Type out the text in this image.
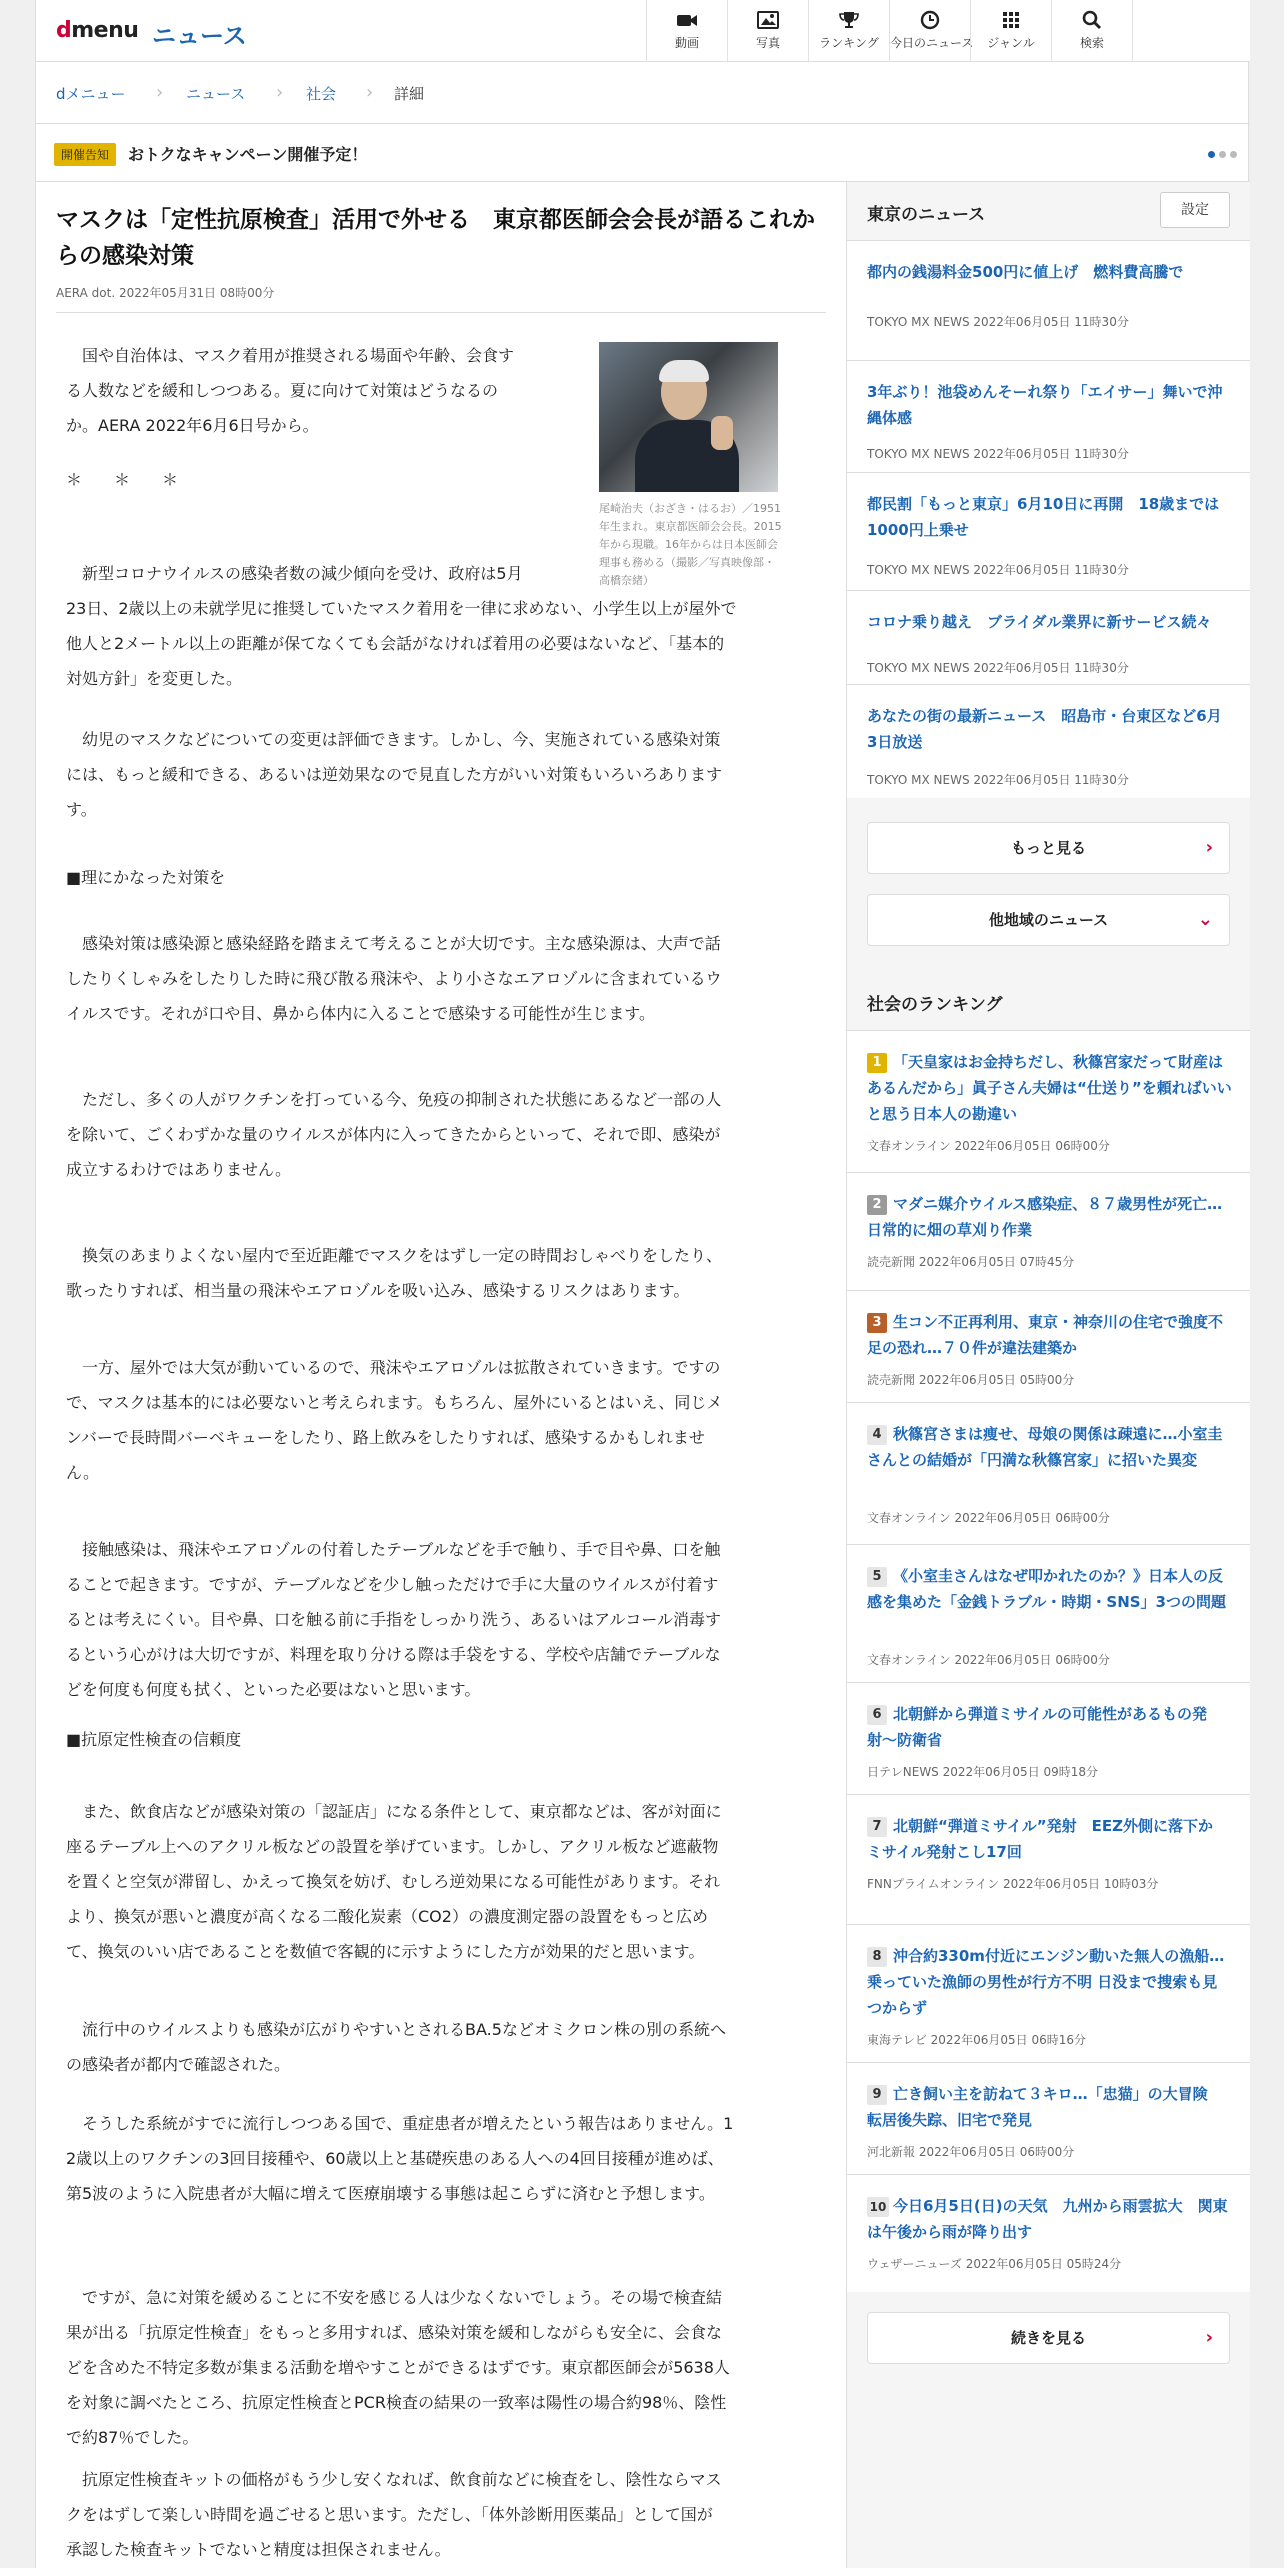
dmenu ニュース	動画	写真	ランキング 今日のニュース	ジャンル	検索
dメニュー › ニュース › 社会 › 詳細
開催告知	おトクなキャンペーン開催予定！
マスクは「定性抗原検査」活用で外せる　東京都医師会会長が語るこれからの感染対策
AERA dot. 2022年05月31日 08時00分
尾崎治夫（おざき・はるお）／1951年生まれ。東京都医師会会長。2015年から現職。16年からは日本医師会理事も務める（撮影／写真映像部・高橋奈緒）
　国や自治体は、マスク着用が推奨される場面や年齢、会食す
る人数などを緩和しつつある。夏に向けて対策はどうなるの
か。AERA 2022年6月6日号から。
＊　　＊　　＊
　新型コロナウイルスの感染者数の減少傾向を受け、政府は5月
23日、2歳以上の未就学児に推奨していたマスク着用を一律に求めない、小学生以上が屋外で
他人と2メートル以上の距離が保てなくても会話がなければ着用の必要はないなど、「基本的
対処方針」を変更した。
　幼児のマスクなどについての変更は評価できます。しかし、今、実施されている感染対策
には、もっと緩和できる、あるいは逆効果なので見直した方がいい対策もいろいろあります
す。
■理にかなった対策を
　感染対策は感染源と感染経路を踏まえて考えることが大切です。主な感染源は、大声で話
したりくしゃみをしたりした時に飛び散る飛沫や、より小さなエアロゾルに含まれているウ
イルスです。それが口や目、鼻から体内に入ることで感染する可能性が生じます。
　ただし、多くの人がワクチンを打っている今、免疫の抑制された状態にあるなど一部の人
を除いて、ごくわずかな量のウイルスが体内に入ってきたからといって、それで即、感染が
成立するわけではありません。
　換気のあまりよくない屋内で至近距離でマスクをはずし一定の時間おしゃべりをしたり、
歌ったりすれば、相当量の飛沫やエアロゾルを吸い込み、感染するリスクはあります。
　一方、屋外では大気が動いているので、飛沫やエアロゾルは拡散されていきます。ですの
で、マスクは基本的には必要ないと考えられます。もちろん、屋外にいるとはいえ、同じメ
ンバーで長時間バーベキューをしたり、路上飲みをしたりすれば、感染するかもしれませ
ん。
　接触感染は、飛沫やエアロゾルの付着したテーブルなどを手で触り、手で目や鼻、口を触
ることで起きます。ですが、テーブルなどを少し触っただけで手に大量のウイルスが付着す
るとは考えにくい。目や鼻、口を触る前に手指をしっかり洗う、あるいはアルコール消毒す
るという心がけは大切ですが、料理を取り分ける際は手袋をする、学校や店舗でテーブルな
どを何度も何度も拭く、といった必要はないと思います。
■抗原定性検査の信頼度
　また、飲食店などが感染対策の「認証店」になる条件として、東京都などは、客が対面に
座るテーブル上へのアクリル板などの設置を挙げています。しかし、アクリル板など遮蔽物
を置くと空気が滞留し、かえって換気を妨げ、むしろ逆効果になる可能性があります。それ
より、換気が悪いと濃度が高くなる二酸化炭素（CO2）の濃度測定器の設置をもっと広め
て、換気のいい店であることを数値で客観的に示すようにした方が効果的だと思います。
　流行中のウイルスよりも感染が広がりやすいとされるBA.5などオミクロン株の別の系統へ
の感染者が都内で確認された。
　そうした系統がすでに流行しつつある国で、重症患者が増えたという報告はありません。1
2歳以上のワクチンの3回目接種や、60歳以上と基礎疾患のある人への4回目接種が進めば、
第5波のように入院患者が大幅に増えて医療崩壊する事態は起こらずに済むと予想します。
　ですが、急に対策を緩めることに不安を感じる人は少なくないでしょう。その場で検査結
果が出る「抗原定性検査」をもっと多用すれば、感染対策を緩和しながらも安全に、会食な
どを含めた不特定多数が集まる活動を増やすことができるはずです。東京都医師会が5638人
を対象に調べたところ、抗原定性検査とPCR検査の結果の一致率は陽性の場合約98％、陰性
で約87％でした。
　抗原定性検査キットの価格がもう少し安くなれば、飲食前などに検査をし、陰性ならマス
クをはずして楽しい時間を過ごせると思います。ただし、「体外診断用医薬品」として国が
承認した検査キットでないと精度は担保されません。
東京のニュース	設定
都内の銭湯料金500円に値上げ　燃料費高騰で
TOKYO MX NEWS 2022年06月05日 11時30分
3年ぶり！池袋めんそーれ祭り「エイサー」舞いで沖縄体感
TOKYO MX NEWS 2022年06月05日 11時30分
都民割「もっと東京」6月10日に再開　18歳までは1000円上乗せ
TOKYO MX NEWS 2022年06月05日 11時30分
コロナ乗り越え　ブライダル業界に新サービス続々
TOKYO MX NEWS 2022年06月05日 11時30分
あなたの街の最新ニュース　昭島市・台東区など6月3日放送
TOKYO MX NEWS 2022年06月05日 11時30分
もっと見る	›
他地域のニュース	⌄
社会のランキング
「天皇家はお金持ちだし、秋篠宮家だって財産はあるんだから」眞子さん夫婦は“仕送り”を頼ればいいと思う日本人の勘違い
1
文春オンライン 2022年06月05日 06時00分
マダニ媒介ウイルス感染症、８７歳男性が死亡…日常的に畑の草刈り作業
2
読売新聞 2022年06月05日 07時45分
生コン不正再利用、東京・神奈川の住宅で強度不足の恐れ…７０件が違法建築か
3
読売新聞 2022年06月05日 05時00分
秋篠宮さまは痩せ、母娘の関係は疎遠に…小室圭さんとの結婚が「円満な秋篠宮家」に招いた異変
4
文春オンライン 2022年06月05日 06時00分
《小室圭さんはなぜ叩かれたのか？》日本人の反感を集めた「金銭トラブル・時期・SNS」3つの問題
5
文春オンライン 2022年06月05日 06時00分
北朝鮮から弾道ミサイルの可能性があるもの発射〜防衛省
6
日テレNEWS 2022年06月05日 09時18分
北朝鮮“弾道ミサイル”発射　EEZ外側に落下か　ミサイル発射こし17回
7
FNNプライムオンライン 2022年06月05日 10時03分
沖合約330m付近にエンジン動いた無人の漁船…乗っていた漁師の男性が行方不明 日没まで捜索も見つからず
8
東海テレビ 2022年06月05日 06時16分
亡き飼い主を訪ねて３キロ…「忠猫」の大冒険　転居後失踪、旧宅で発見
9
河北新報 2022年06月05日 06時00分
今日6月5日(日)の天気　九州から雨雲拡大　関東は午後から雨が降り出す
10
ウェザーニューズ 2022年06月05日 05時24分
続きを見る	›
